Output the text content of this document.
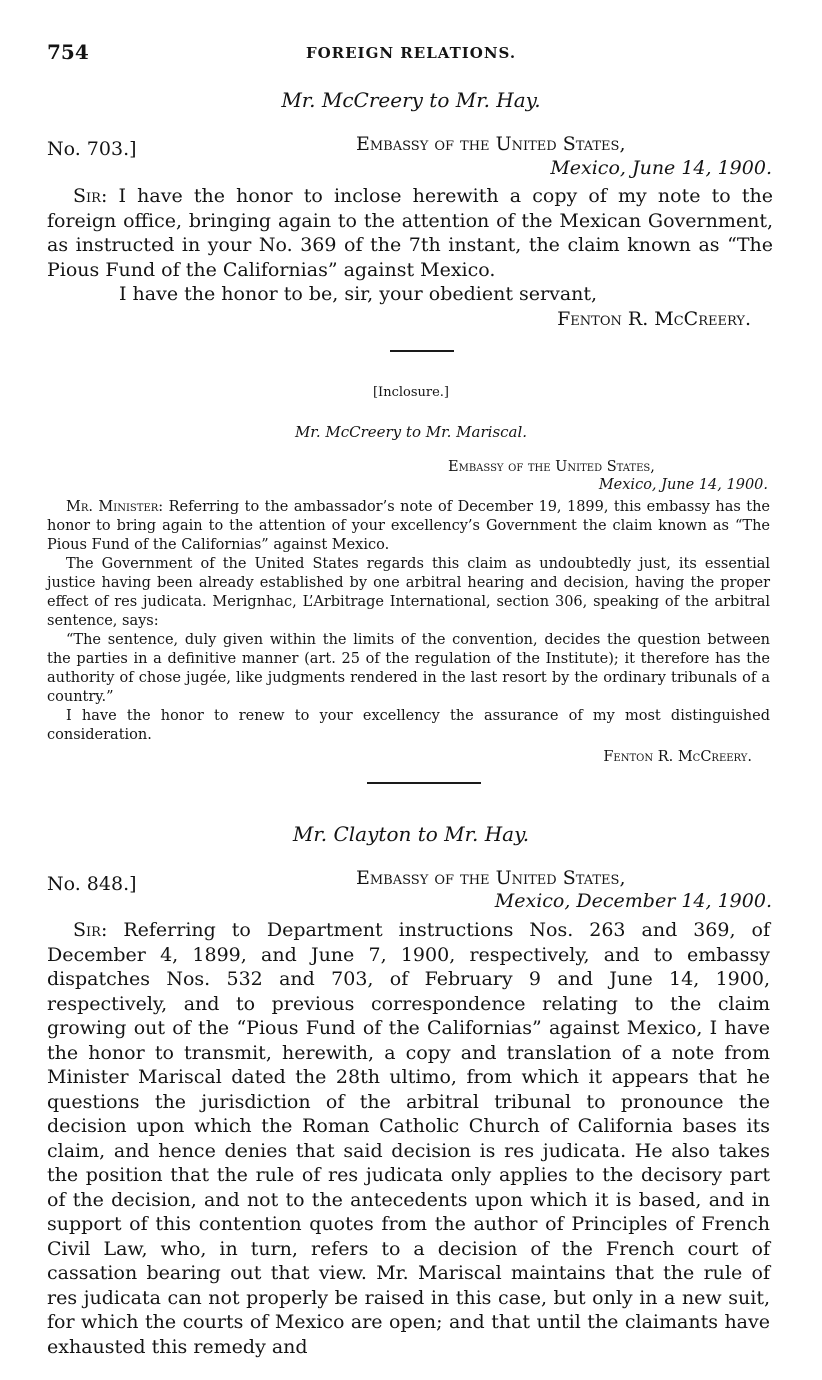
754	FOREIGN RELATIONS.
Mr. McCreery to Mr. Hay.
No. 703.]	Embassy of the United States,
Mexico, June 14, 1900.

Sir: I have the honor to inclose herewith a copy of my note to the foreign office, bringing again to the attention of the Mexican Government, as instructed in your No. 369 of the 7th instant, the claim known as “The Pious Fund of the Californias” against Mexico.

I have the honor to be, sir, your obedient servant,

Fenton R. McCreery.
[Inclosure.]
Mr. McCreery to Mr. Mariscal.
Embassy of the United States,
Mexico, June 14, 1900.

Mr. Minister: Referring to the ambassador’s note of December 19, 1899, this embassy has the honor to bring again to the attention of your excellency’s Government the claim known as “The Pious Fund of the Californias” against Mexico.

The Government of the United States regards this claim as undoubtedly just, its essential justice having been already established by one arbitral hearing and decision, having the proper effect of res judicata. Merignhac, L’Arbitrage International, section 306, speaking of the arbitral sentence, says:

“The sentence, duly given within the limits of the convention, decides the question between the parties in a definitive manner (art. 25 of the regulation of the Institute); it therefore has the authority of chose jugée, like judgments rendered in the last resort by the ordinary tribunals of a country.”

I have the honor to renew to your excellency the assurance of my most distinguished consideration.

Fenton R. McCreery.
Mr. Clayton to Mr. Hay.
No. 848.]	Embassy of the United States,
Mexico, December 14, 1900.

Sir: Referring to Department instructions Nos. 263 and 369, of December 4, 1899, and June 7, 1900, respectively, and to embassy dispatches Nos. 532 and 703, of February 9 and June 14, 1900, respectively, and to previous correspondence relating to the claim growing out of the “Pious Fund of the Californias” against Mexico, I have the honor to transmit, herewith, a copy and translation of a note from Minister Mariscal dated the 28th ultimo, from which it appears that he questions the jurisdiction of the arbitral tribunal to pronounce the decision upon which the Roman Catholic Church of California bases its claim, and hence denies that said decision is res judicata. He also takes the position that the rule of res judicata only applies to the decisory part of the decision, and not to the antecedents upon which it is based, and in support of this contention quotes from the author of Principles of French Civil Law, who, in turn, refers to a decision of the French court of cassation bearing out that view. Mr. Mariscal maintains that the rule of res judicata can not properly be raised in this case, but only in a new suit, for which the courts of Mexico are open; and that until the claimants have exhausted this remedy and
